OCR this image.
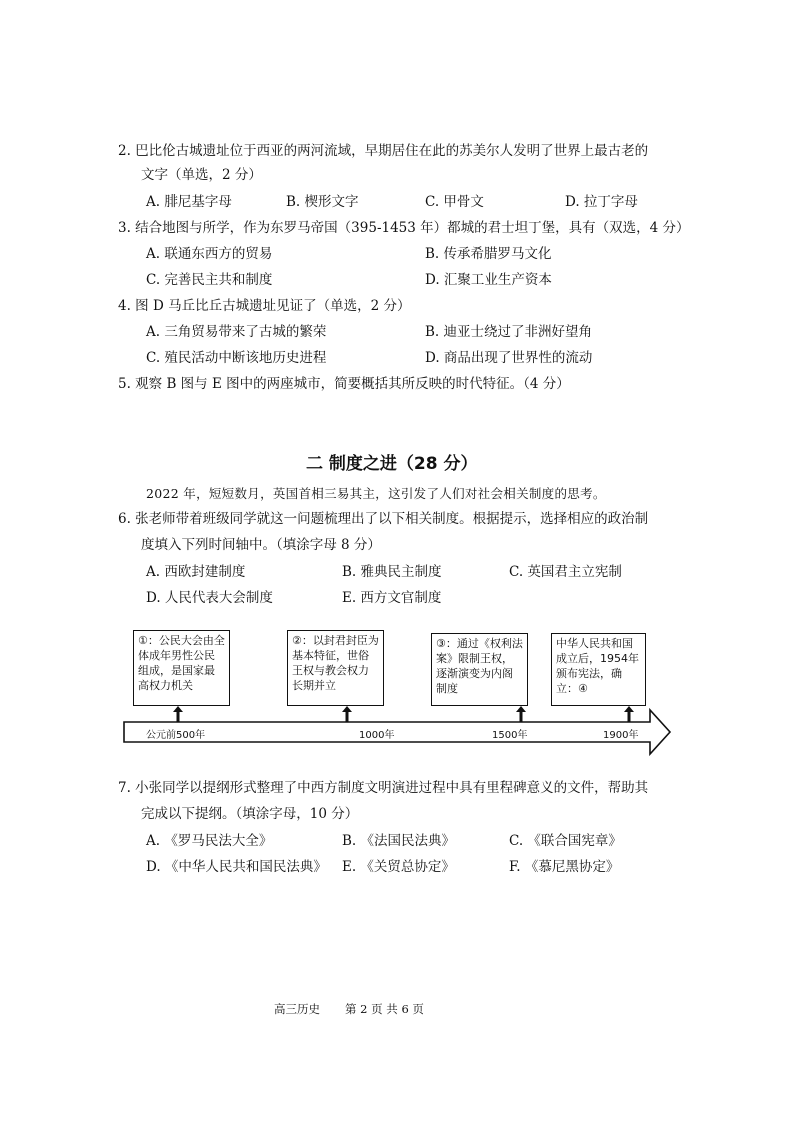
2. 巴比伦古城遗址位于西亚的两河流域，早期居住在此的苏美尔人发明了世界上最古老的
文字（单选，2 分）
A. 腓尼基字母	B. 楔形文字	C. 甲骨文	D. 拉丁字母
3. 结合地图与所学，作为东罗马帝国（395-1453 年）都城的君士坦丁堡，具有（双选，4 分）
A. 联通东西方的贸易	B. 传承希腊罗马文化
C. 完善民主共和制度	D. 汇聚工业生产资本
4. 图 D 马丘比丘古城遗址见证了（单选，2 分）
A. 三角贸易带来了古城的繁荣	B. 迪亚士绕过了非洲好望角
C. 殖民活动中断该地历史进程	D. 商品出现了世界性的流动
5. 观察 B 图与 E 图中的两座城市，简要概括其所反映的时代特征。（4 分）
二 制度之进（28 分）
2022 年，短短数月，英国首相三易其主，这引发了人们对社会相关制度的思考。
6. 张老师带着班级同学就这一问题梳理出了以下相关制度。根据提示，选择相应的政治制
度填入下列时间轴中。（填涂字母 8 分）
A. 西欧封建制度	B. 雅典民主制度	C. 英国君主立宪制
D. 人民代表大会制度	E. 西方文官制度
①：公民大会由全体成年男性公民组成，是国家最高权力机关
②：以封君封臣为基本特征，世俗王权与教会权力长期并立
③：通过《权利法案》限制王权，逐渐演变为内阁制度
中华人民共和国成立后，1954年颁布宪法，确立：④
公元前500年	1000年	1500年	1900年
7. 小张同学以提纲形式整理了中西方制度文明演进过程中具有里程碑意义的文件，帮助其
完成以下提纲。（填涂字母，10 分）
A. 《罗马民法大全》	B. 《法国民法典》	C. 《联合国宪章》
D. 《中华人民共和国民法典》 E. 《关贸总协定》	F. 《慕尼黑协定》
高三历史 第 2 页 共 6 页
